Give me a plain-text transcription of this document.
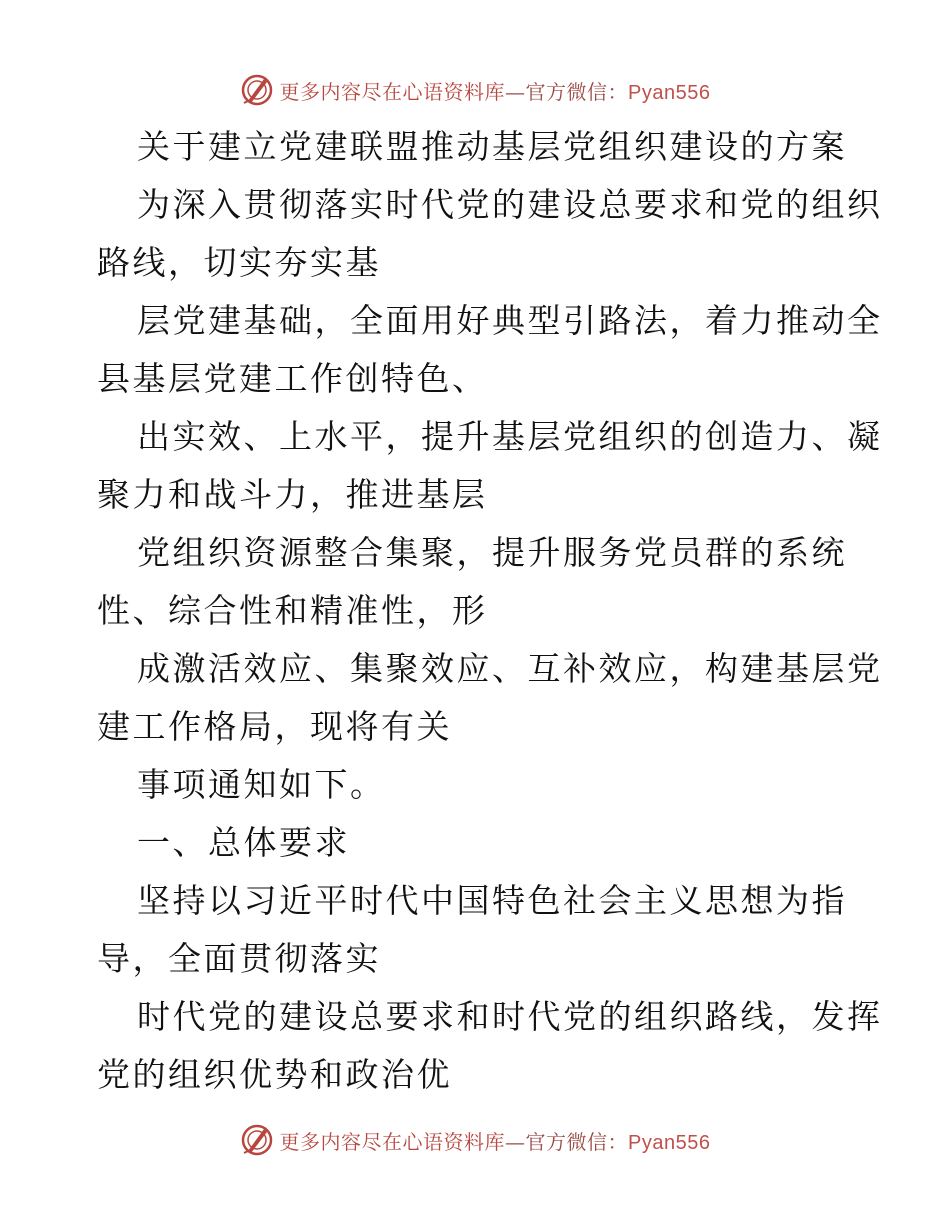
更多内容尽在心语资料库—官方微信：Pyan556
关于建立党建联盟推动基层党组织建设的方案
为深入贯彻落实时代党的建设总要求和党的组织
路线，切实夯实基
层党建基础，全面用好典型引路法，着力推动全
县基层党建工作创特色、
出实效、上水平，提升基层党组织的创造力、凝
聚力和战斗力，推进基层
党组织资源整合集聚，提升服务党员群的系统
性、综合性和精准性，形
成激活效应、集聚效应、互补效应，构建基层党
建工作格局，现将有关
事项通知如下。
一、总体要求
坚持以习近平时代中国特色社会主义思想为指
导，全面贯彻落实
时代党的建设总要求和时代党的组织路线，发挥
党的组织优势和政治优
更多内容尽在心语资料库—官方微信：Pyan556
